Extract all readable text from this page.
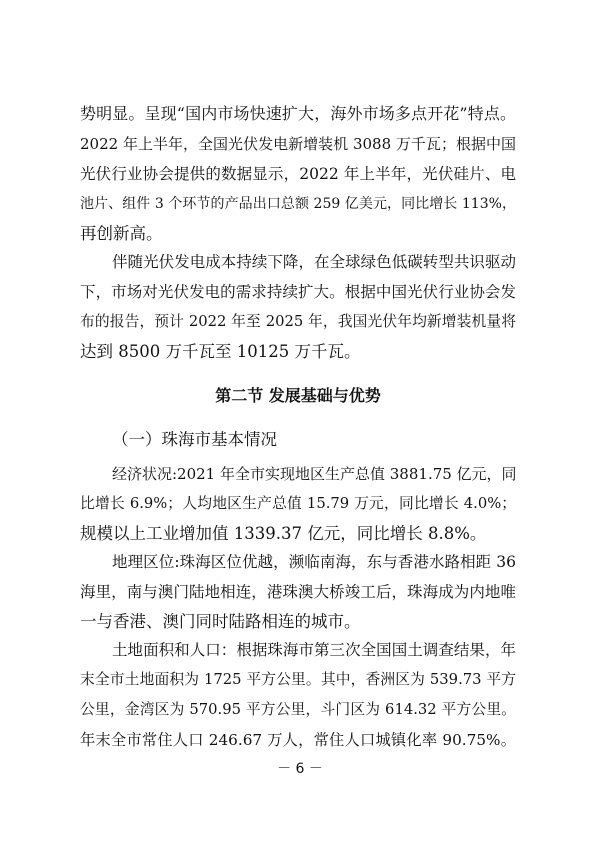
势明显。呈现“国内市场快速扩大，海外市场多点开花”特点。
2022 年上半年，全国光伏发电新增装机 3088 万千瓦；根据中国
光伏行业协会提供的数据显示，2022 年上半年，光伏硅片、电
池片、组件 3 个环节的产品出口总额 259 亿美元，同比增长 113%，
再创新高。
伴随光伏发电成本持续下降，在全球绿色低碳转型共识驱动
下，市场对光伏发电的需求持续扩大。根据中国光伏行业协会发
布的报告，预计 2022 年至 2025 年，我国光伏年均新增装机量将
达到 8500 万千瓦至 10125 万千瓦。
第二节 发展基础与优势
（一）珠海市基本情况
经济状况:2021 年全市实现地区生产总值 3881.75 亿元，同
比增长 6.9%；人均地区生产总值 15.79 万元，同比增长 4.0%；
规模以上工业增加值 1339.37 亿元，同比增长 8.8%。
地理区位:珠海区位优越，濒临南海，东与香港水路相距 36
海里，南与澳门陆地相连，港珠澳大桥竣工后，珠海成为内地唯
一与香港、澳门同时陆路相连的城市。
土地面积和人口：根据珠海市第三次全国国土调查结果，年
末全市土地面积为 1725 平方公里。其中，香洲区为 539.73 平方
公里，金湾区为 570.95 平方公里，斗门区为 614.32 平方公里。
年末全市常住人口 246.67 万人，常住人口城镇化率 90.75%。
－ 6 －
